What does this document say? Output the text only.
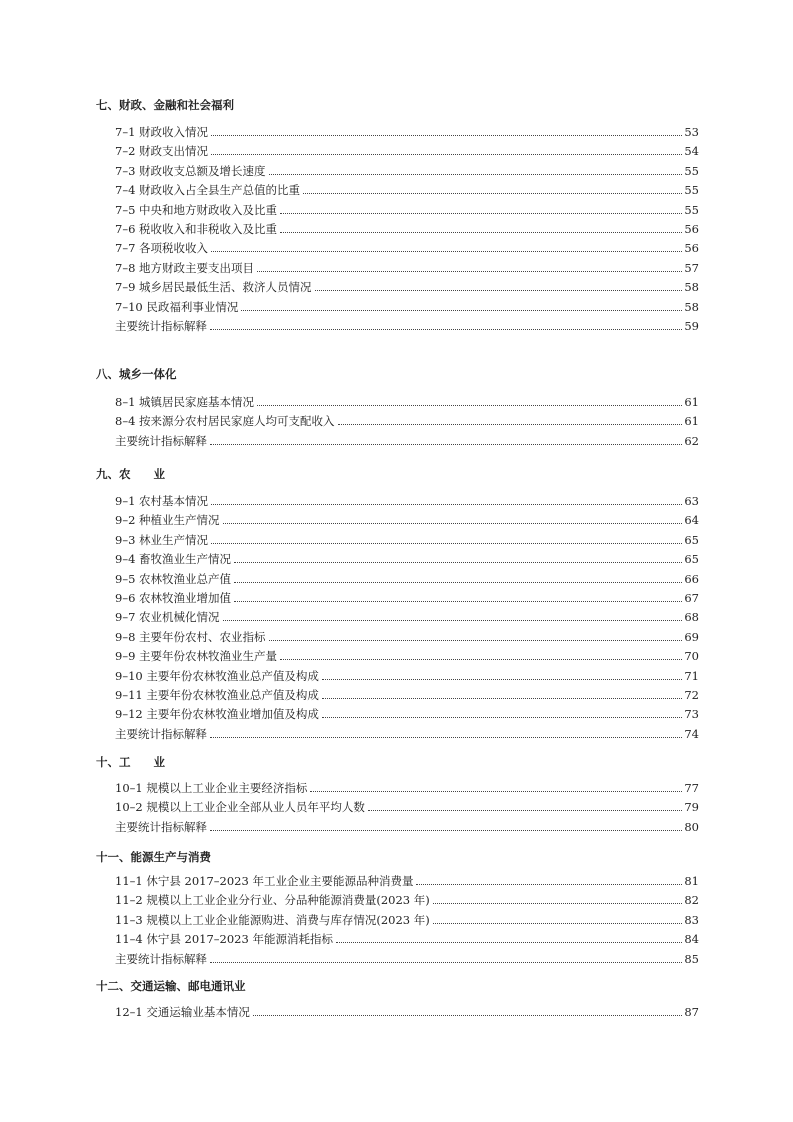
七、财政、金融和社会福利
7–1 财政收入情况	53
7–2 财政支出情况	54
7–3 财政收支总额及增长速度	55
7–4 财政收入占全县生产总值的比重	55
7–5 中央和地方财政收入及比重	55
7–6 税收收入和非税收入及比重	56
7–7 各项税收收入	56
7–8 地方财政主要支出项目	57
7–9 城乡居民最低生活、救济人员情况	58
7–10 民政福利事业情况	58
主要统计指标解释	59
八、城乡一体化
8–1 城镇居民家庭基本情况	61
8–4 按来源分农村居民家庭人均可支配收入	61
主要统计指标解释	62
九、农　　业
9–1 农村基本情况	63
9–2 种植业生产情况	64
9–3 林业生产情况	65
9–4 畜牧渔业生产情况	65
9–5 农林牧渔业总产值	66
9–6 农林牧渔业增加值	67
9–7 农业机械化情况	68
9–8 主要年份农村、农业指标	69
9–9 主要年份农林牧渔业生产量	70
9–10 主要年份农林牧渔业总产值及构成	71
9–11 主要年份农林牧渔业总产值及构成	72
9–12 主要年份农林牧渔业增加值及构成	73
主要统计指标解释	74
十、工　　业
10–1 规模以上工业企业主要经济指标	77
10–2 规模以上工业企业全部从业人员年平均人数	79
主要统计指标解释	80
十一、能源生产与消费
11–1 休宁县 2017–2023 年工业企业主要能源品种消费量	81
11–2 规模以上工业企业分行业、分品种能源消费量(2023 年)	82
11–3 规模以上工业企业能源购进、消费与库存情况(2023 年)	83
11–4 休宁县 2017–2023 年能源消耗指标	84
主要统计指标解释	85
十二、交通运输、邮电通讯业
12–1 交通运输业基本情况	87
